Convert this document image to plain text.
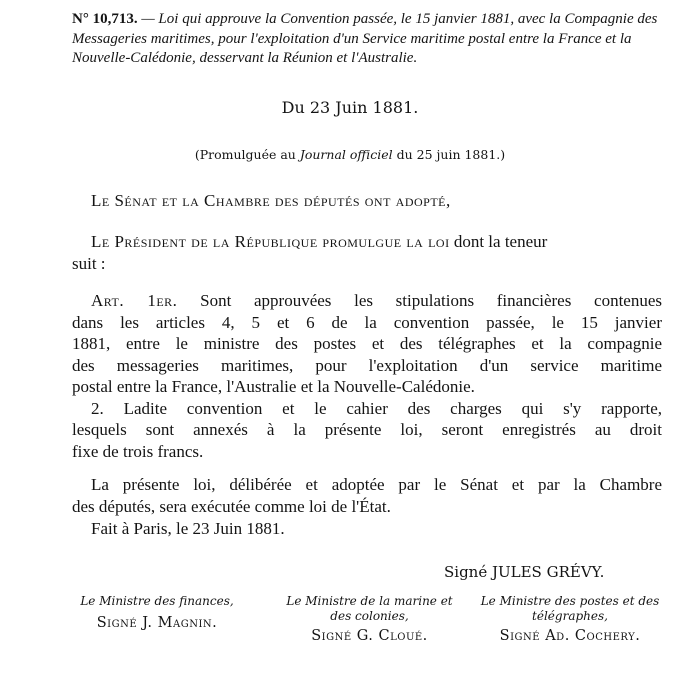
N° 10,713. — Loi qui approuve la Convention passée, le 15 janvier 1881, avec la Compagnie des Messageries maritimes, pour l'exploitation d'un Service maritime postal entre la France et la Nouvelle-Calédonie, desservant la Réunion et l'Australie.
Du 23 Juin 1881.
(Promulguée au Journal officiel du 25 juin 1881.)
Le Sénat et la Chambre des députés ont adopté,
Le Président de la République promulgue la loi dont la teneur
suit :

Art. 1er. Sont approuvées les stipulations financières contenues

dans les articles 4, 5 et 6 de la convention passée, le 15 janvier

1881, entre le ministre des postes et des télégraphes et la compagnie

des messageries maritimes, pour l'exploitation d'un service maritime

postal entre la France, l'Australie et la Nouvelle-Calédonie.

2. Ladite convention et le cahier des charges qui s'y rapporte,

lesquels sont annexés à la présente loi, seront enregistrés au droit

fixe de trois francs.

La présente loi, délibérée et adoptée par le Sénat et par la Chambre

des députés, sera exécutée comme loi de l'État.

Fait à Paris, le 23 Juin 1881.
Signé JULES GRÉVY.
Le Ministre des finances,	Le Ministre de la marine et des colonies,
Le Ministre des postes et des télégraphes,
Signé J. Magnin.
Signé G. Cloué.	Signé Ad. Cochery.
